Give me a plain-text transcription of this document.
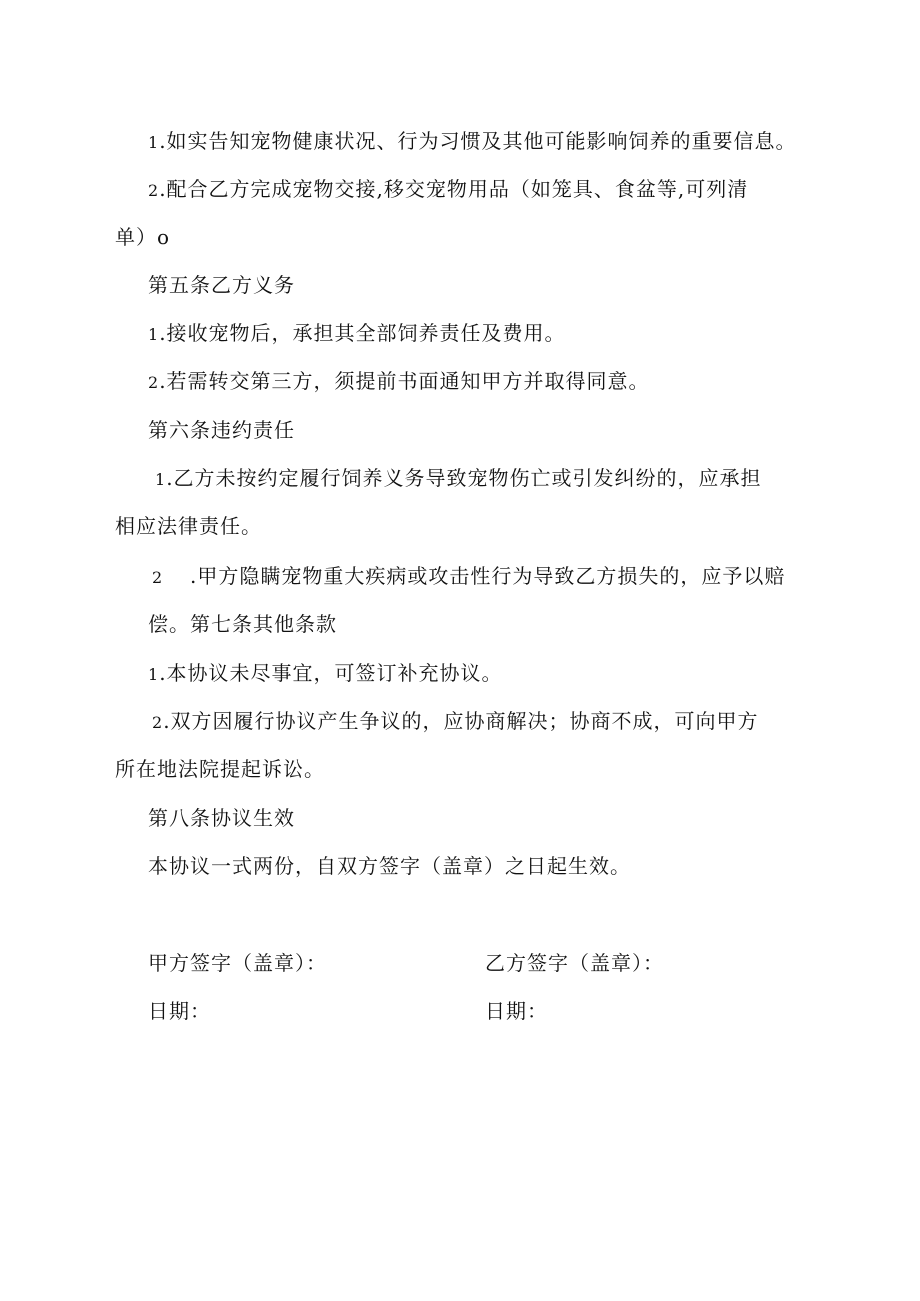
1.如实告知宠物健康状况、行为习惯及其他可能影响饲养的重要信息。
2.配合乙方完成宠物交接,移交宠物用品（如笼具、食盆等,可列清
单）o
第五条乙方义务
1.接收宠物后，承担其全部饲养责任及费用。
2.若需转交第三方，须提前书面通知甲方并取得同意。
第六条违约责任
1.乙方未按约定履行饲养义务导致宠物伤亡或引发纠纷的，应承担
相应法律责任。
2 .甲方隐瞒宠物重大疾病或攻击性行为导致乙方损失的，应予以赔
偿。第七条其他条款
1.本协议未尽事宜，可签订补充协议。
2.双方因履行协议产生争议的，应协商解决；协商不成，可向甲方
所在地法院提起诉讼。
第八条协议生效
本协议一式两份，自双方签字（盖章）之日起生效。
甲方签字（盖章）：	乙方签字（盖章）：
日期：	日期：
